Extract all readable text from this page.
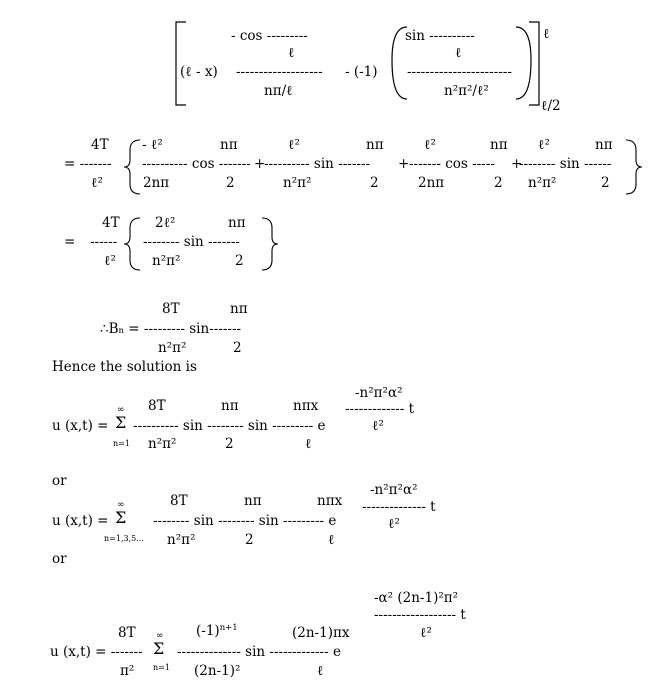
- cos ---------
ℓ
(ℓ - x) -------------------
nπ/ℓ
- (-1)
sin ----------
ℓ
-----------------------
n²π²/ℓ²
ℓ
ℓ/2
4T
= -------
ℓ²
- ℓ²
---------- cos -------
2nπ
nπ
2
+
ℓ²
---------- sin -------
n²π²
nπ
2
+
ℓ²
------- cos -----
2nπ
nπ
2
+
ℓ²
-------- sin ------
n²π²
nπ
2
4T
= ------
ℓ²
2ℓ²
-------- sin -------
n²π²
nπ
2
8T	nπ
$\therefore B_n$ = --------- sin-------
n²π²	2
Hence the solution is
-n²π²α²
------------- t
ℓ²
8T	nπ	nπx
∞
u (x,t) = Σ ---------- sin -------- sin --------- e
n=1 n²π²	2	ℓ
or
-n²π²α²
-------------- t
ℓ²
8T	nπ	nπx
∞
u (x,t) = Σ -------- sin -------- sin --------- e
n=1,3,5... n²π²	2	ℓ
or
-α² (2n-1)²π²
------------------ t
ℓ²
8T ∞ $(-1)^{n+1}$	(2n-1)πx
u (x,t) = ------- Σ -------------- sin ------------- e
π² n=1 (2n-1)²	ℓ
